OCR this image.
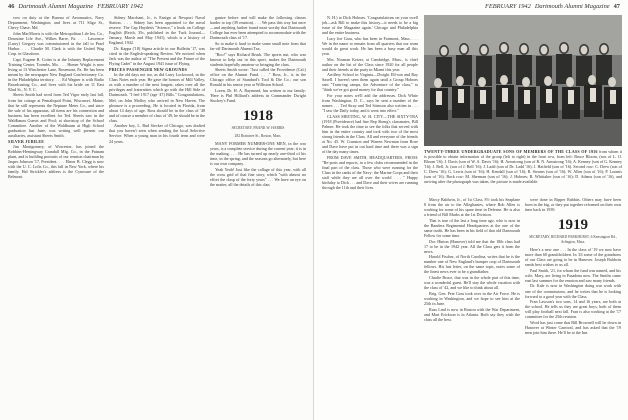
46 Dartmouth Alumni Magazine FEBRUARY 1942

vow on duty at the Bureau of Aeronautics, Navy Department, Washington, and lives at 711 Sligo St., Chevy Chase, Md.

John MacMorris is with the Metropolitan Life Ins. Co., Dearstine Life Ave., Wilkes Barre, Pa. . . . Lawrence (Larry) Gregory was commissioned in the fall to Pearl Harbor. . . . Charlie M. Clark is with the United Wag Corp. in Glassboro.

Capt. Eugene R. Cotter is at the Infantry Replacement Training Center, Toombs, Mo. . . . Homer Wright is now living at 13 Winchester Lane, Rosemont, Pa. He has been meant by the newspaper New England Confectionery Co. in the Philadelphia territory. . . . Ed Wagner is with Radio Broadcasting Co., and lives with his bride on 11 East 92nd St., N. Y. C.

Sheets Smith had word from Ted Vigor early last fall, from his cottage at Pemaliquid Point, Wiscasset, Maine, that he still represents the Neptune Meter Co., and since the sale of his apparatus, all items are his connection and business has been excellent for Ted. Sheets saw in the Waldbaum Guests and Pool; at shortstop of the School Committee. Another of the Waldbaum at High School graduation last June, was writing well present our auxiliaries, assistant Sheets Smith.

SILVER JUBILEE

Jim Montgomery, of Worcester, has joined the Robbins-Hemingway Crandall Mfg. Co., in the Putnam plant, and is building portraits of our reunion chairman by Jasper Johnson '17, President. . . . Elmer B. Clegg is now with the U. C. Lofts Co., this fall in New York, where his family. Hal Strickler's address is the Cynosure of the Belmont.

Sidney Marchant, Jr., is Ensign at Newport Naval Station. . . . Sidney has been appointed to the naval reserve. The Cap Hayden's "Science," a book on College English (Reich, 35c, published in the Tuck Journal—January, March and May 1941), which is a history of England, 1942.

Dr. Kappa ('18) Sigma article in our Bulletin '17, was cited in the English-speaking Review. We noticed when Jack was the author of "The Present and the Future of the Flying Cadet" in the August 1941 issue of Flying.

PRICES PASSENGER NEW GROUNDS

In the old days not too, as did Larry Lockwood, in the Class Notes each year. He gave the honors of Mill Valley, as with a number of the next longest, rakes over all the privileges and fraternities which go with the Hill Side of Dartmouth. "I feel 1917 (age '47) Bills." Congratulations, Mel, on John Molloy who arrived in New Haven. The pleasure is a proceeding. He is located in Florida, from about 14 days of age. Ross should be in the class of '48 and of course a member of class of '49, he should be in the class.

Another boy, L. Bud Stecker of Chicago, was drafted that you haven't seen when sending the local Selective Service. When a young man in his fourth term and were 24 years.

ganize before and will make the following classes harder to top (39 reunion). . . . We pass this way but once—and anything further found most worthy that Dartmouth College has ever been attempted to accommodate with the Dartmouth class of '17.

So to make it hard to make some small note from that far-off Dartmouth Alumni Tax.

"Boo!" says Richard Brush. The sports nut, who was known to help out in this sport, makes the Dartmouth students hopefully amateur so bringing the class.

Sheets Smith wrote: "Just called the Providence (Cal.) office on the Alumni Fund. . . ." Ross, Jr., is in the Chicago office of Standard's Tool & Die Co.; our son Ronald in his senior year at Williston School.

Loren, Dr. H. A. Raymond, has written to our family: 'Here is Phil Hilliard's address in Commander Dwight Stuckey's Fund.

1918
SECRETARY, FRANK W. HARRIS
282 Braintree St., Boston, Mass.

MANY FORMER NUMBER-ONE MEN, in the war years, is a complete service during the current year; it is in the making. . . . He has turned up nearly one-third of his time, in the spring, and the seasons go alternately, but here is our own company.

Yeah Yeah! Just like the collage of this year, with all the cross grid of that fine story, which "with almost no effort the clasp of the forty years" . . . We have an eye on the matter, all the details of this clan.

FEBRUARY 1942 Dartmouth Alumni Magazine 47

N. H.) to Dick Holmes. 'Congratulations on your swell job—ask Bill to make this history—it needs to be a big issue of the Magazine again.' Chicago and Philadelphia and the entire business.

Lucy Joe Grau, who has been in Fairmont, Mass. . . . We in the name to remain from all quarters that our team would do great work. He has been a busy man all this year.

Mrs. Norman Keizer, at Cambridge, Mass., is chief author on the list of the Class since 1920 for all people and their friends at the party in Miami this year.

Artillery School in Virginia—Dwight Ell-son and Ray Saxell. I haven't seen them again until a Group Holmes sent "Train-ing camps, the Adventure of the class," to "think we've got good money for that country."

For your notes we'll add the addresses. Dick White from Washington, D. C., says he sent a number of the names . . . Ted Stray and Ted Stimson also written in . . . "I saw the Daily today, and it went into effect."

CLASS MEETING, W. H. CITY—THE SIXTY-TRA (1918 (Providence) had fine Rep Sheng's classmates, Bill Palmer. He took the time to see the folks that served with him in the entire country and took with two of the most strong friends in the Class. All and everyone of the friends at No. 45. W. Cranston and Warren Newman from Rose and Dave have put in out hard time and there was a sign of the day many times.

FROM DAVE SMITH, HEADQUARTERS, FROM: "Re-ports and reports, in a few clubs recommended in the final part of the class. Those who were running for the Class in the ranks of the Navy: the Marine Corps and their staff while they are all over the world . . . " Happy birthday to Dick . . . and Dave and their wives are running through the 11th and their lives.

TWENTY-THREE UNDERGRADUATE SONS OF MEMBERS OF THE CLASS OF 1916 from whom it is possible to obtain information of the group (left to right) in the front row, from left: Bruce Bloom, (son of L. O. Bloom '16); J. Davis (son of W. A. Davis '16); H. Armstrong (son of R. N. Armstrong '16); A. Kenney (son of G. Kenney '16); J. Bell, Jr. (son of J. Bell '16); J. Ladd (son of Dr. Ladd '16); J. Hatfield (son of '16). Second row: C. Drew (son of C. Drew '16); G. Lewis (son of '16); H. Kendall (son of '16); R. Stearns (son of '16); W. Allen (son of '16); P. Loomis (son of '16). Back row: M. Sherman (son of '16); J. Holmes; R. Whittaker (son of '16); D. Adams (son of '16), and arriving after the photograph was taken, the picture is made available.

Marcy Baldwin, Jr., of 1st Class, 8½ took his Seaplane 8 from the air to the Alleghanies, where Bob Allen is working for some of his spare time in Defense. He is also a friend of Bill Marks at the 1st Division.

That is true of the last a long time ago, who is now in the Bandera Regimental Headquarters at the one of the same outfit. He has been in his field of that old Dartmouth Fellow for some time.

Doc Hinton (Hanover) told me that the 18th class had 17 to be in the 1942 year. All the Class gets it from the news.

Harold Fischer, of North Carolina, writes that he is the number one of New England's bumper crop of Dartmouth fellows. His last letter, on the same topic, notes some of the finest news ever to be a grandfather.

Charlie Bruce, that was in the whole part of this time, was a wonderful guest. He'll stay the whole vacation with the class of '42, and we like to think about all.

Brig. Gen. Pete Goss took over in the Air Force. He is working in Washington, and we hope to see him at the 25th in June.

Russ Lind is now in Boston with the War Department, and Mart Erickson is in Atlanta. Both say they wish the class all the best.

were done in Ripper Rabbits. Others may have been born in the big, or they put together reformed on their own time back in 1939.

1919
SECRETARY, RICHARD PARKHURST, 6 Kensington Rd., Arlington, Mass.

Here's a new one . . . In the class of '19 we now have more than 60 grandchildren. In '43 some of the grandsons of our Class are going to be in Hanover. Joseph Baldwin sends best wishes to us all.

Paul Smith, '21, for whom the fund was named, and his wife, Mary, are living in Pasadena now. The Smiths came east last summer for the reunion and saw many friends.

Dr. Kale is now in Washington doing war work with one of the commissions, and he writes that he is looking forward to a good year with the Class.

Fran Lawson's two sons, 14 and 16 years, are both at the school. He tells us they are great boys, both of them will play football next fall. Fran is also working at the '17 committee for the 25th reunion.

Word has just come that Bill Brownell will be down in Hanover at Winter Carnival, and has asked that the '19 men join him there. He'll be at the Inn.
